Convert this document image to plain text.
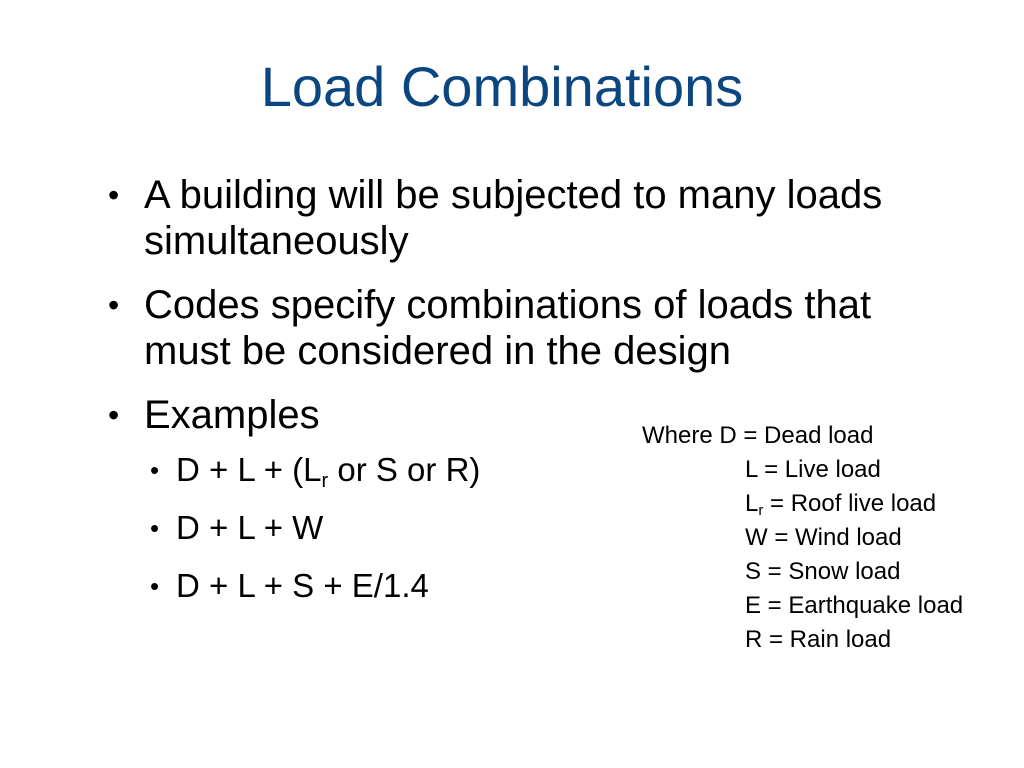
Load Combinations
• A building will be subjected to many loads simultaneously
• Codes specify combinations of loads that must be considered in the design
• Examples
• $D + L + (L_r$ or S or R)
• D + L + W
• D + L + S + E/1.4
Where D = Dead load
L = Live load
$L_r$ = Roof live load
W = Wind load
S = Snow load
E = Earthquake load
R = Rain load
